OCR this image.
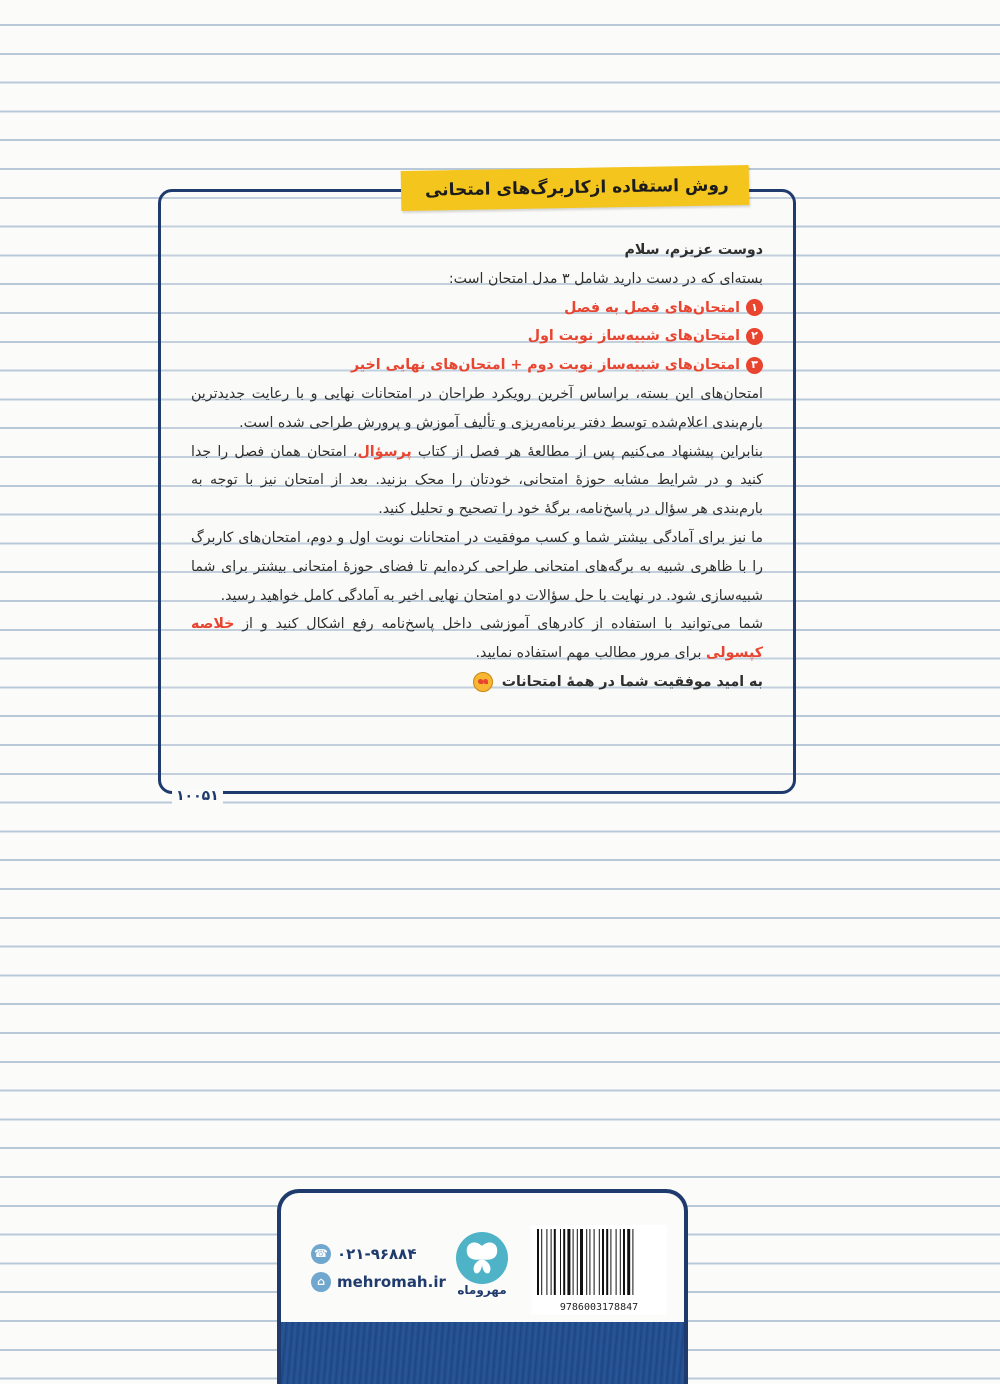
روش استفاده ازکاربرگ‌های امتحانی

دوست عزیزم، سلام

بسته‌ای که در دست دارید شامل ۳ مدل امتحان است:

۱
امتحان‌های فصل به فصل

۲
امتحان‌های شبیه‌ساز نوبت اول

۳
امتحان‌های شبیه‌ساز نوبت دوم + امتحان‌های نهایی اخیر

امتحان‌های این بسته، براساس آخرین رویکرد طراحان در امتحانات نهایی و با رعایت جدیدترین بارم‌بندی اعلام‌شده توسط دفتر برنامه‌ریزی و تألیف آموزش و پرورش طراحی شده است.

بنابراین پیشنهاد می‌کنیم پس از مطالعهٔ هر فصل از کتاب پرسؤال، امتحان همان فصل را جدا کنید و در شرایط مشابه حوزهٔ امتحانی، خودتان را محک بزنید. بعد از امتحان نیز با توجه به بارم‌بندی هر سؤال در پاسخ‌نامه، برگهٔ خود را تصحیح و تحلیل کنید.

ما نیز برای آمادگی بیشتر شما و کسب موفقیت در امتحانات نوبت اول و دوم، امتحان‌های کاربرگ را با ظاهری شبیه به برگه‌های امتحانی طراحی کرده‌ایم تا فضای حوزهٔ امتحانی بیشتر برای شما شبیه‌سازی شود. در نهایت با حل سؤالات دو امتحان نهایی اخیر به آمادگی کامل خواهید رسید.

شما می‌توانید با استفاده از کادرهای آموزشی داخل پاسخ‌نامه رفع اشکال کنید و از خلاصه کپسولی برای مرور مطالب مهم استفاده نمایید.

به امید موفقیت شما در همهٔ امتحانات

۱۰۰۵۱
☎ ۰۲۱-۹۶۸۸۴
⌂ mehromah.ir مهروماه
9786003178847
